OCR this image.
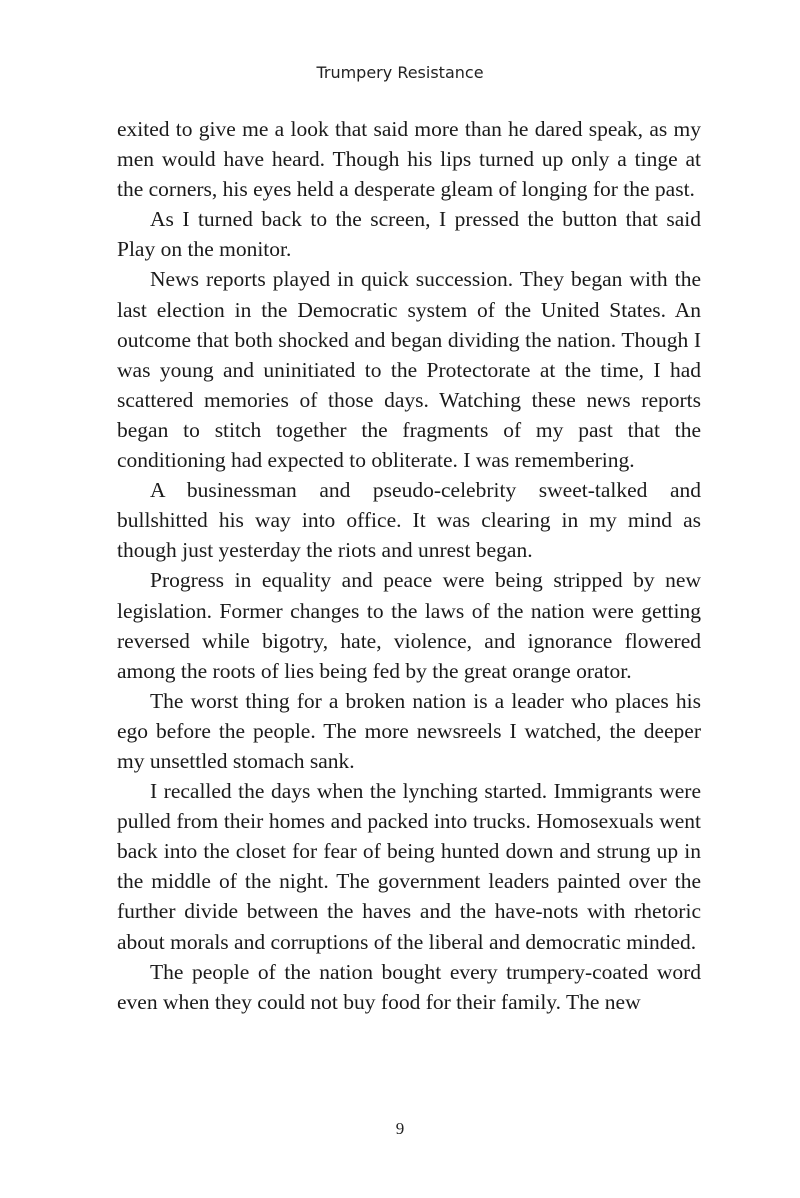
Trumpery Resistance

exited to give me a look that said more than he dared speak, as my men would have heard. Though his lips turned up only a tinge at the corners, his eyes held a desperate gleam of longing for the past.

As I turned back to the screen, I pressed the button that said Play on the monitor.

News reports played in quick succession. They began with the last election in the Democratic system of the United States. An outcome that both shocked and began dividing the nation. Though I was young and uninitiated to the Protectorate at the time, I had scattered memories of those days. Watching these news reports began to stitch together the fragments of my past that the conditioning had expected to obliterate. I was remembering.

A businessman and pseudo-celebrity sweet-talked and bullshitted his way into office. It was clearing in my mind as though just yesterday the riots and unrest began.

Progress in equality and peace were being stripped by new legislation. Former changes to the laws of the nation were getting reversed while bigotry, hate, violence, and ignorance flowered among the roots of lies being fed by the great orange orator.

The worst thing for a broken nation is a leader who places his ego before the people. The more newsreels I watched, the deeper my unsettled stomach sank.

I recalled the days when the lynching started. Immigrants were pulled from their homes and packed into trucks. Homosexuals went back into the closet for fear of being hunted down and strung up in the middle of the night. The government leaders painted over the further divide between the haves and the have-nots with rhetoric about morals and corruptions of the liberal and democratic minded.

The people of the nation bought every trumpery-coated word even when they could not buy food for their family. The new

9
